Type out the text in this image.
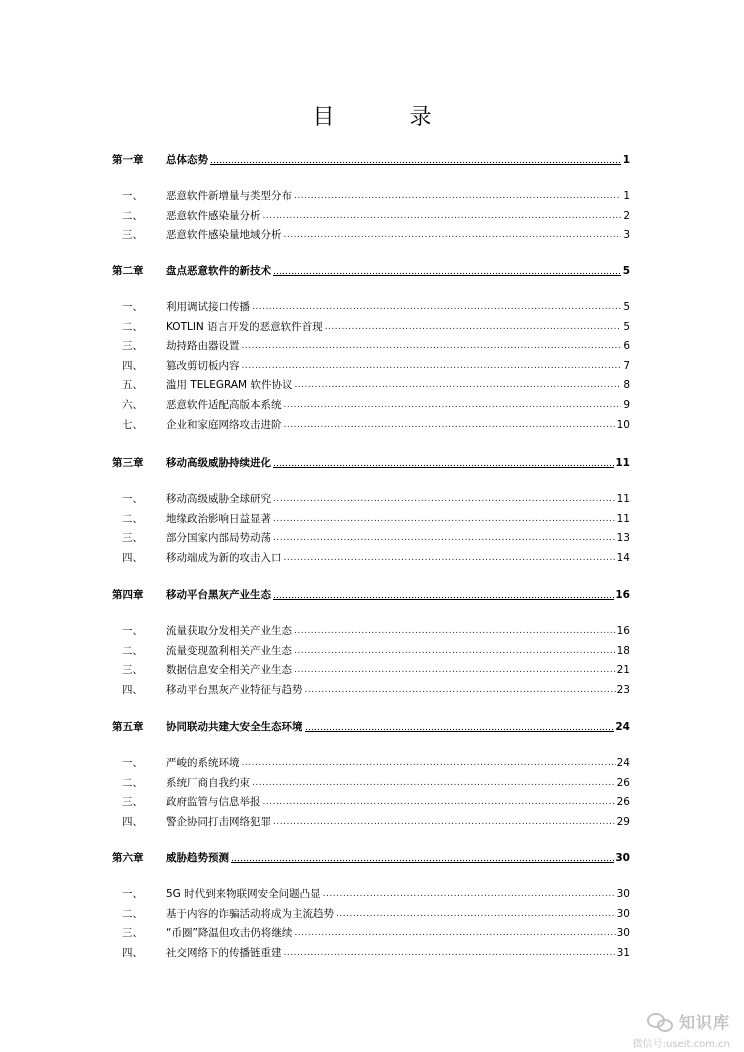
目 录
第一章	总体态势	1
一、	恶意软件新增量与类型分布 .....	1
二、	恶意软件感染量分析 .....	2
三、	恶意软件感染量地域分析 .....	3
第二章	盘点恶意软件的新技术	5
一、	利用调试接口传播 .....	5
二、	KOTLIN 语言开发的恶意软件首现 .....	5
三、	劫持路由器设置 .....	6
四、	篡改剪切板内容 .....	7
五、	滥用 TELEGRAM 软件协议 .....	8
六、	恶意软件适配高版本系统 .....	9
七、	企业和家庭网络攻击进阶 .....	10
第三章	移动高级威胁持续进化	11
一、	移动高级威胁全球研究 .....	11
二、	地缘政治影响日益显著 .....	11
三、	部分国家内部局势动荡 .....	13
四、	移动端成为新的攻击入口 .....	14
第四章	移动平台黑灰产业生态	16
一、	流量获取分发相关产业生态 .....	16
二、	流量变现盈利相关产业生态 .....	18
三、	数据信息安全相关产业生态 .....	21
四、	移动平台黑灰产业特征与趋势 .....	23
第五章	协同联动共建大安全生态环境	24
一、	严峻的系统环境 .....	24
二、	系统厂商自我约束 .....	26
三、	政府监管与信息举报 .....	26
四、	警企协同打击网络犯罪 .....	29
第六章	威胁趋势预测	30
一、	5G 时代到来物联网安全问题凸显 .....	30
二、	基于内容的诈骗活动将成为主流趋势 .....	30
三、	“币圈”降温但攻击仍将继续 .....	30
四、	社交网络下的传播链重建 .....	31
知识库
微信号:useit.com.cn
